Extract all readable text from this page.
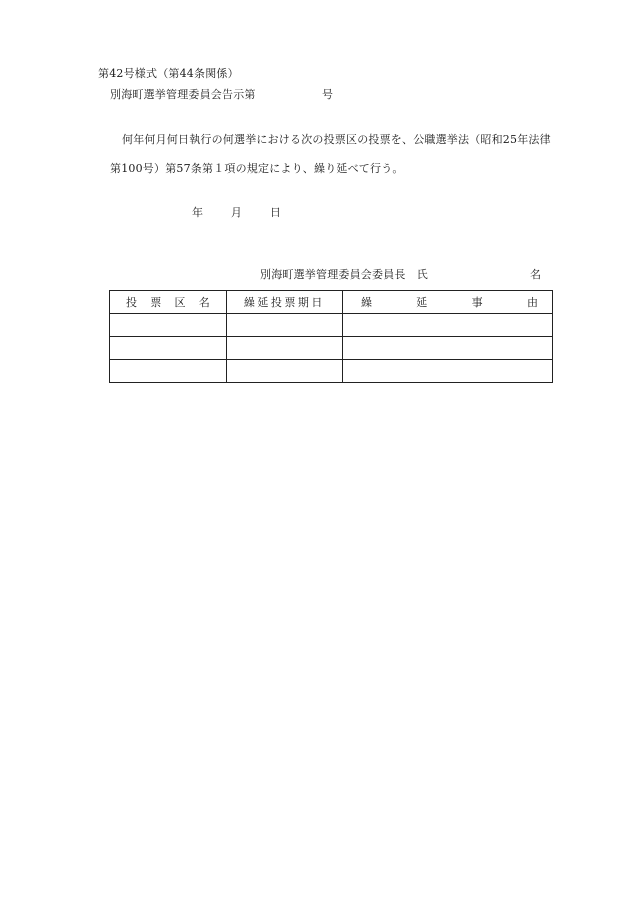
第42号様式（第44条関係）
別海町選挙管理委員会告示第	号
何年何月何日執行の何選挙における次の投票区の投票を、公職選挙法（昭和25年法律
第100号）第57条第１項の規定により、繰り延べて行う。
年	月	日
別海町選挙管理委員会委員長　氏	名
投 票 区 名	繰延投票期日	繰 延 事 由
